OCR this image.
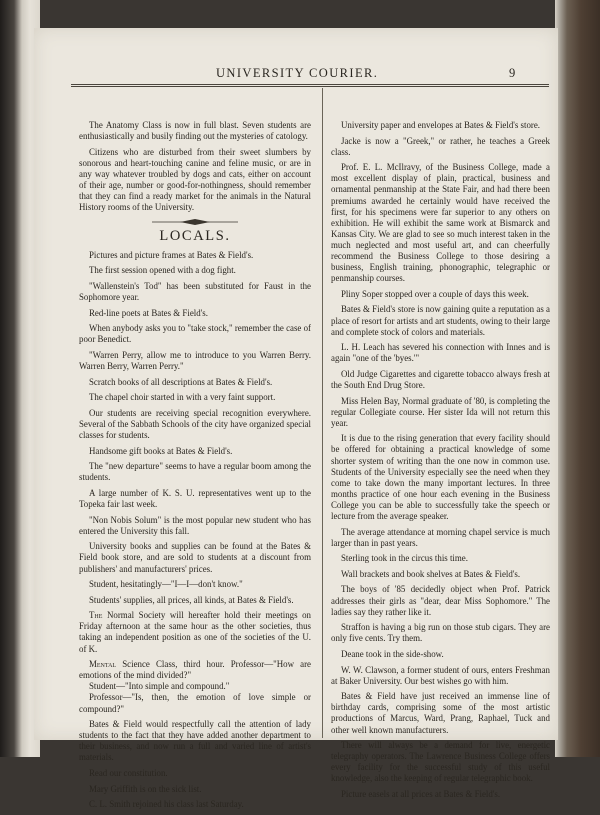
UNIVERSITY COURIER.	9

The Anatomy Class is now in full blast. Seven students are enthusiastically and busily finding out the mysteries of catology.

Citizens who are disturbed from their sweet slumbers by sonorous and heart-touching canine and feline music, or are in any way whatever troubled by dogs and cats, either on account of their age, number or good-for-nothingness, should remember that they can find a ready market for the animals in the Natural History rooms of the University.

LOCALS.

Pictures and picture frames at Bates & Field's.

The first session opened with a dog fight.

"Wallenstein's Tod" has been substituted for Faust in the Sophomore year.

Red-line poets at Bates & Field's.

When anybody asks you to "take stock," remember the case of poor Benedict.

"Warren Perry, allow me to introduce to you Warren Berry. Warren Berry, Warren Perry."

Scratch books of all descriptions at Bates & Field's.

The chapel choir started in with a very faint support.

Our students are receiving special recognition everywhere. Several of the Sabbath Schools of the city have organized special classes for students.

Handsome gift books at Bates & Field's.

The "new departure" seems to have a regular boom among the students.

A large number of K. S. U. representatives went up to the Topeka fair last week.

"Non Nobis Solum" is the most popular new student who has entered the University this fall.

University books and supplies can be found at the Bates & Field book store, and are sold to students at a discount from publishers' and manufacturers' prices.

Student, hesitatingly—"I—I—don't know."

Students' supplies, all prices, all kinds, at Bates & Field's.

The Normal Society will hereafter hold their meetings on Friday afternoon at the same hour as the other societies, thus taking an independent position as one of the societies of the U. of K.

Mental Science Class, third hour. Professor—"How are emotions of the mind divided?"

Student—"Into simple and compound."

Professor—"Is, then, the emotion of love simple or compound?"

Bates & Field would respectfully call the attention of lady students to the fact that they have added another department to their business, and now run a full and varied line of artist's materials.

Read our constitution.

Mary Griffith is on the sick list.

C. L. Smith rejoined his class last Saturday.

University paper and envelopes at Bates & Field's store.

Jacke is now a "Greek," or rather, he teaches a Greek class.

Prof. E. L. McIlravy, of the Business College, made a most excellent display of plain, practical, business and ornamental penmanship at the State Fair, and had there been premiums awarded he certainly would have received the first, for his specimens were far superior to any others on exhibition. He will exhibit the same work at Bismarck and Kansas City. We are glad to see so much interest taken in the much neglected and most useful art, and can cheerfully recommend the Business College to those desiring a business, English training, phonographic, telegraphic or penmanship courses.

Pliny Soper stopped over a couple of days this week.

Bates & Field's store is now gaining quite a reputation as a place of resort for artists and art students, owing to their large and complete stock of colors and materials.

L. H. Leach has severed his connection with Innes and is again "one of the 'byes.'"

Old Judge Cigarettes and cigarette tobacco always fresh at the South End Drug Store.

Miss Helen Bay, Normal graduate of '80, is completing the regular Collegiate course. Her sister Ida will not return this year.

It is due to the rising generation that every facility should be offered for obtaining a practical knowledge of some shorter system of writing than the one now in common use. Students of the University especially see the need when they come to take down the many important lectures. In three months practice of one hour each evening in the Business College you can be able to successfully take the speech or lecture from the average speaker.

The average attendance at morning chapel service is much larger than in past years.

Sterling took in the circus this time.

Wall brackets and book shelves at Bates & Field's.

The boys of '85 decidedly object when Prof. Patrick addresses their girls as "dear, dear Miss Sophomore." The ladies say they rather like it.

Straffon is having a big run on those stub cigars. They are only five cents. Try them.

Deane took in the side-show.

W. W. Clawson, a former student of ours, enters Freshman at Baker University. Our best wishes go with him.

Bates & Field have just received an immense line of birthday cards, comprising some of the most artistic productions of Marcus, Ward, Prang, Raphael, Tuck and other well known manufacturers.

There will always be a demand for live, energetic telegraphy operators. The Lawrence Business College offers every facility for the successful study of this useful knowledge, also the keeping of regular telegraphic book.

Picture easels at all prices at Bates & Field's.
